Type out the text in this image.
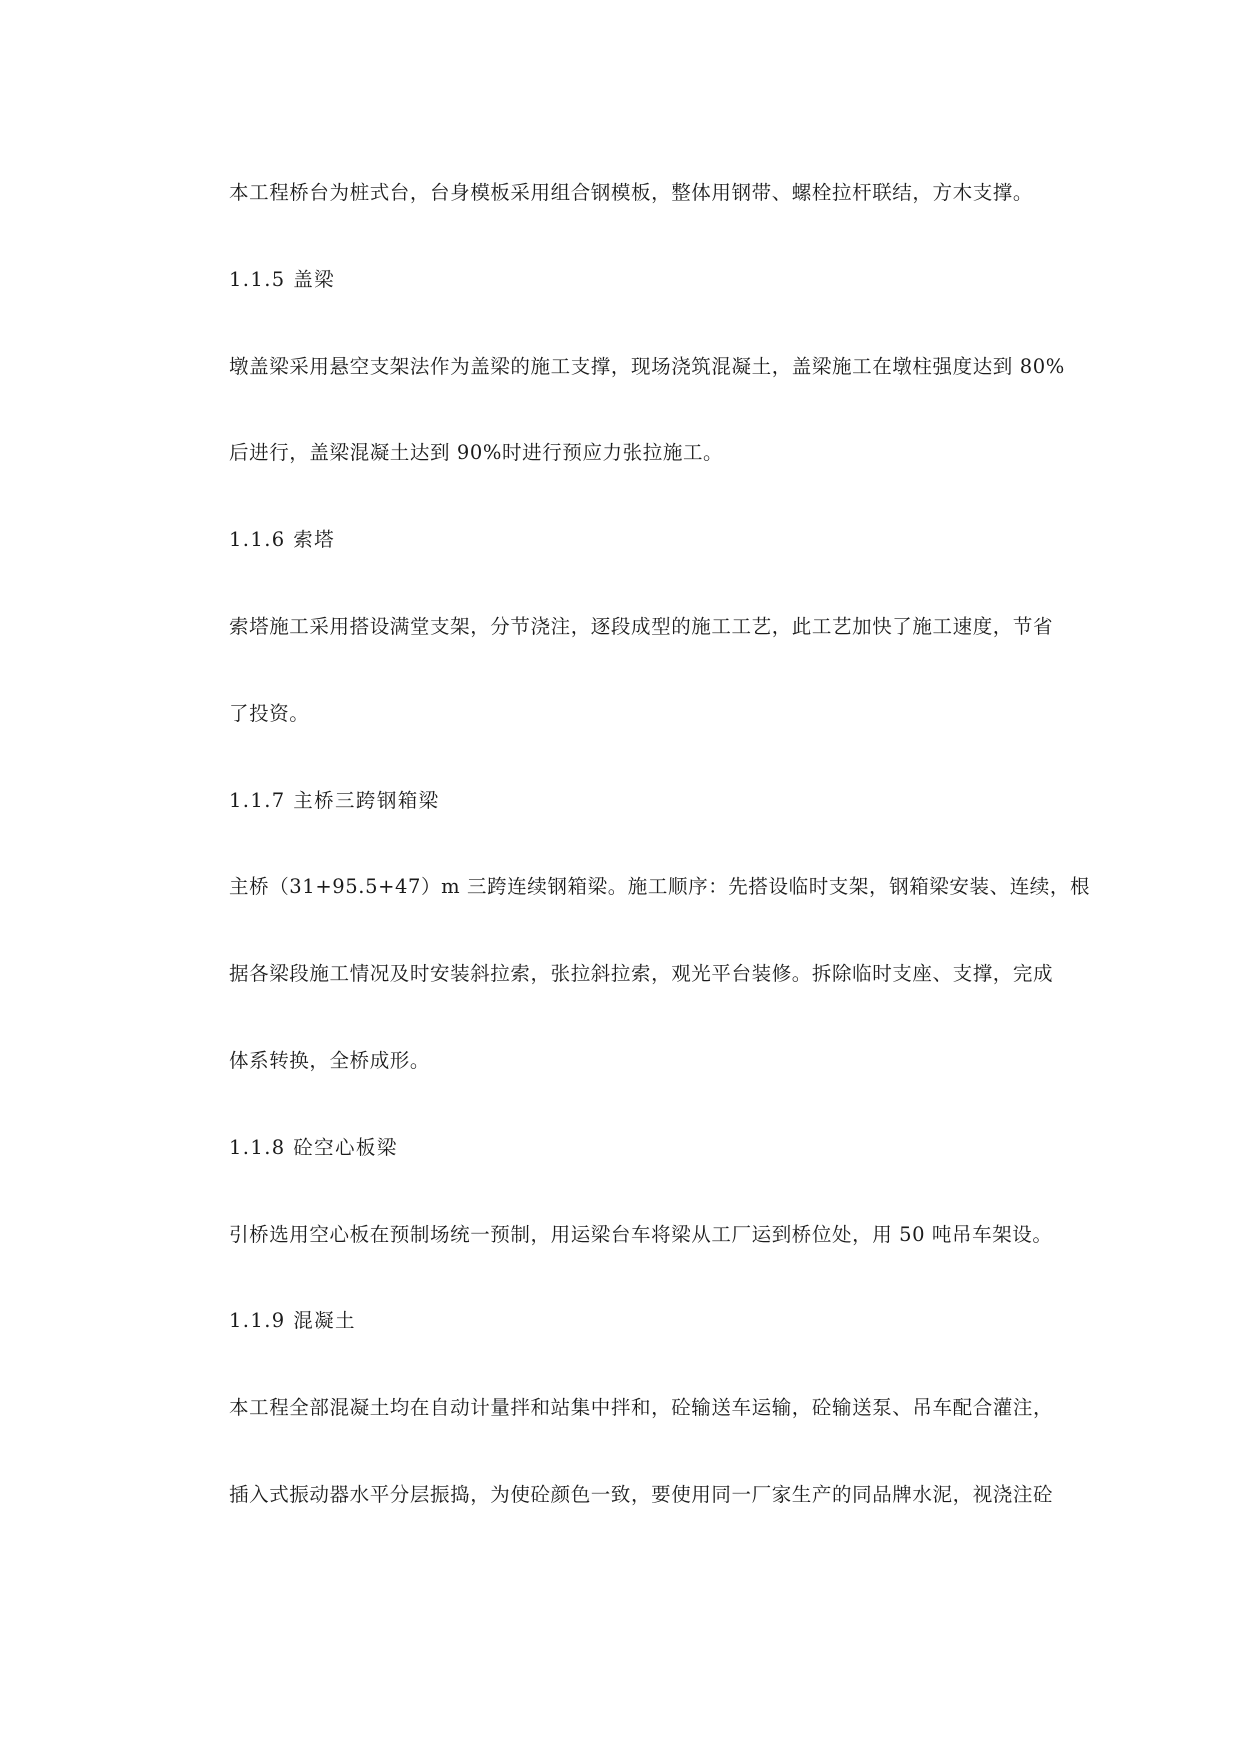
本工程桥台为桩式台，台身模板采用组合钢模板，整体用钢带、螺栓拉杆联结，方木支撑。

1.1.5 盖梁

墩盖梁采用悬空支架法作为盖梁的施工支撑，现场浇筑混凝土，盖梁施工在墩柱强度达到 80%

后进行，盖梁混凝土达到 90%时进行预应力张拉施工。

1.1.6 索塔

索塔施工采用搭设满堂支架，分节浇注，逐段成型的施工工艺，此工艺加快了施工速度，节省

了投资。

1.1.7 主桥三跨钢箱梁

主桥（31+95.5+47）m 三跨连续钢箱梁。施工顺序：先搭设临时支架，钢箱梁安装、连续，根

据各梁段施工情况及时安装斜拉索，张拉斜拉索，观光平台装修。拆除临时支座、支撑，完成

体系转换，全桥成形。

1.1.8 砼空心板梁

引桥选用空心板在预制场统一预制，用运梁台车将梁从工厂运到桥位处，用 50 吨吊车架设。

1.1.9 混凝土

本工程全部混凝土均在自动计量拌和站集中拌和，砼输送车运输，砼输送泵、吊车配合灌注，

插入式振动器水平分层振捣，为使砼颜色一致，要使用同一厂家生产的同品牌水泥，视浇注砼
